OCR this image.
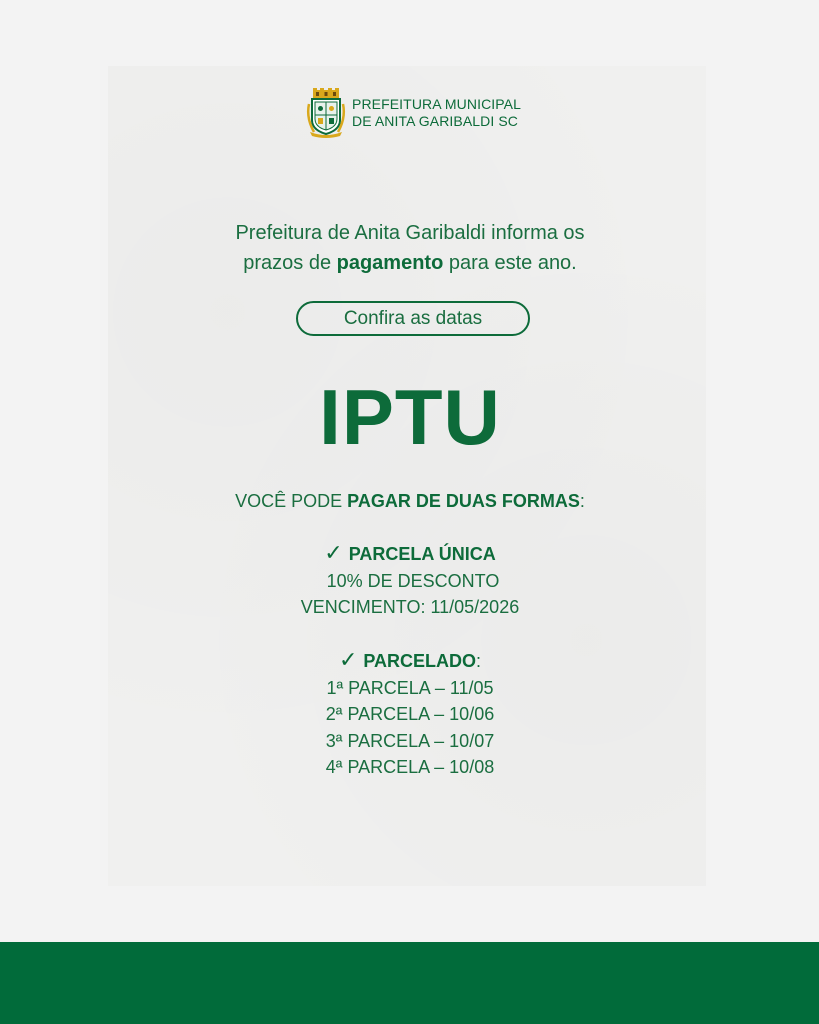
PREFEITURA MUNICIPAL
DE ANITA GARIBALDI SC
Prefeitura de Anita Garibaldi informa os
prazos de pagamento para este ano.
Confira as datas
IPTU
VOCÊ PODE PAGAR DE DUAS FORMAS:
✓ PARCELA ÚNICA
10% DE DESCONTO
VENCIMENTO: 11/05/2026
✓ PARCELADO:
1ª PARCELA – 11/05
2ª PARCELA – 10/06
3ª PARCELA – 10/07
4ª PARCELA – 10/08
